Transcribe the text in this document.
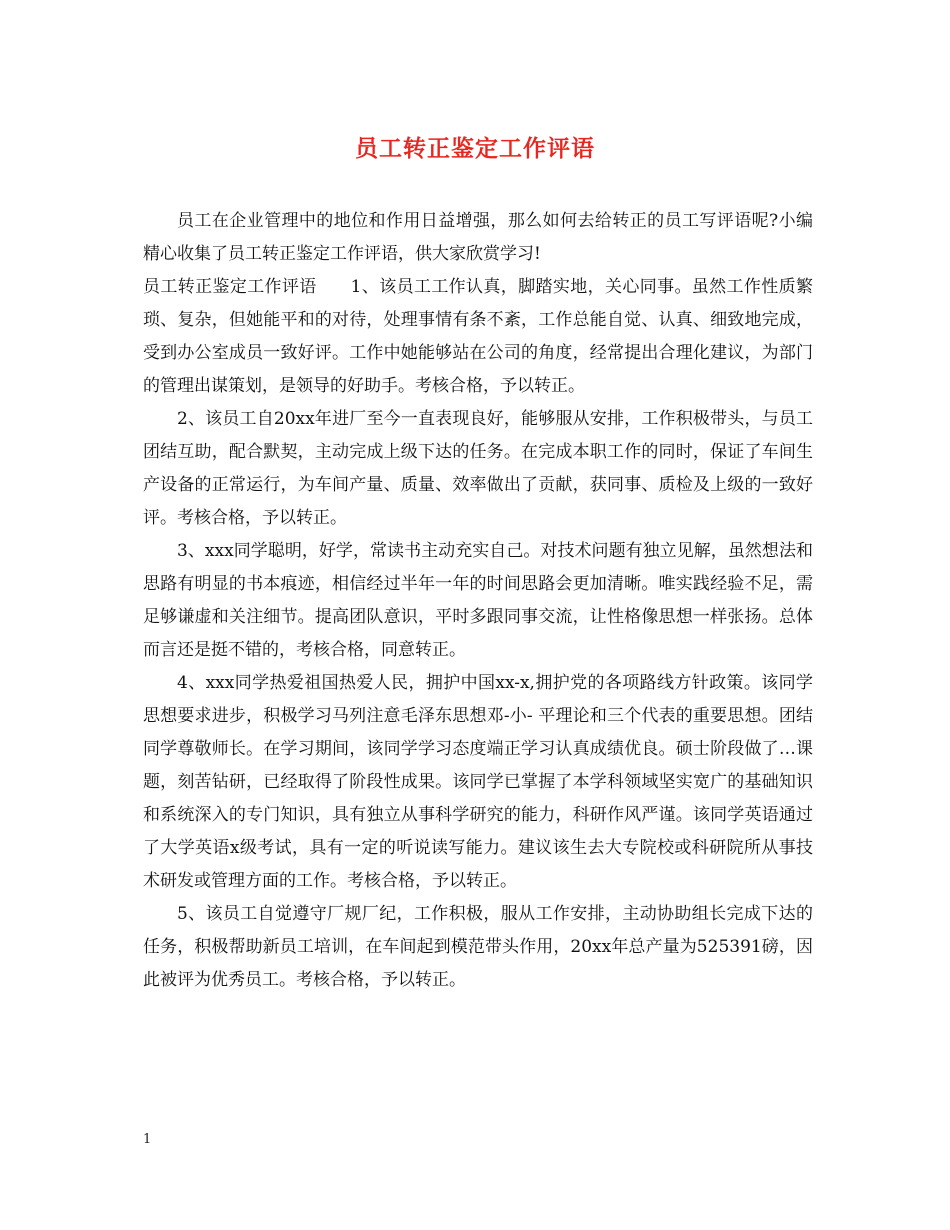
员工转正鉴定工作评语

员工在企业管理中的地位和作用日益增强，那么如何去给转正的员工写评语呢?小编精心收集了员工转正鉴定工作评语，供大家欣赏学习!

员工转正鉴定工作评语 1、该员工工作认真，脚踏实地，关心同事。虽然工作性质繁琐、复杂，但她能平和的对待，处理事情有条不紊，工作总能自觉、认真、细致地完成，受到办公室成员一致好评。工作中她能够站在公司的角度，经常提出合理化建议，为部门的管理出谋策划，是领导的好助手。考核合格，予以转正。

2、该员工自20xx年进厂至今一直表现良好，能够服从安排，工作积极带头，与员工团结互助，配合默契，主动完成上级下达的任务。在完成本职工作的同时，保证了车间生产设备的正常运行，为车间产量、质量、效率做出了贡献，获同事、质检及上级的一致好评。考核合格，予以转正。

3、xxx同学聪明，好学，常读书主动充实自己。对技术问题有独立见解，虽然想法和思路有明显的书本痕迹，相信经过半年一年的时间思路会更加清晰。唯实践经验不足，需足够谦虚和关注细节。提高团队意识，平时多跟同事交流，让性格像思想一样张扬。总体而言还是挺不错的，考核合格，同意转正。

4、xxx同学热爱祖国热爱人民，拥护中国xx-x,拥护党的各项路线方针政策。该同学思想要求进步，积极学习马列注意毛泽东思想邓-小- 平理论和三个代表的重要思想。团结同学尊敬师长。在学习期间，该同学学习态度端正学习认真成绩优良。硕士阶段做了…课题，刻苦钻研，已经取得了阶段性成果。该同学已掌握了本学科领域坚实宽广的基础知识和系统深入的专门知识，具有独立从事科学研究的能力，科研作风严谨。该同学英语通过了大学英语x级考试，具有一定的听说读写能力。建议该生去大专院校或科研院所从事技术研发或管理方面的工作。考核合格，予以转正。

5、该员工自觉遵守厂规厂纪，工作积极，服从工作安排，主动协助组长完成下达的任务，积极帮助新员工培训，在车间起到模范带头作用，20xx年总产量为525391磅，因此被评为优秀员工。考核合格，予以转正。

1
